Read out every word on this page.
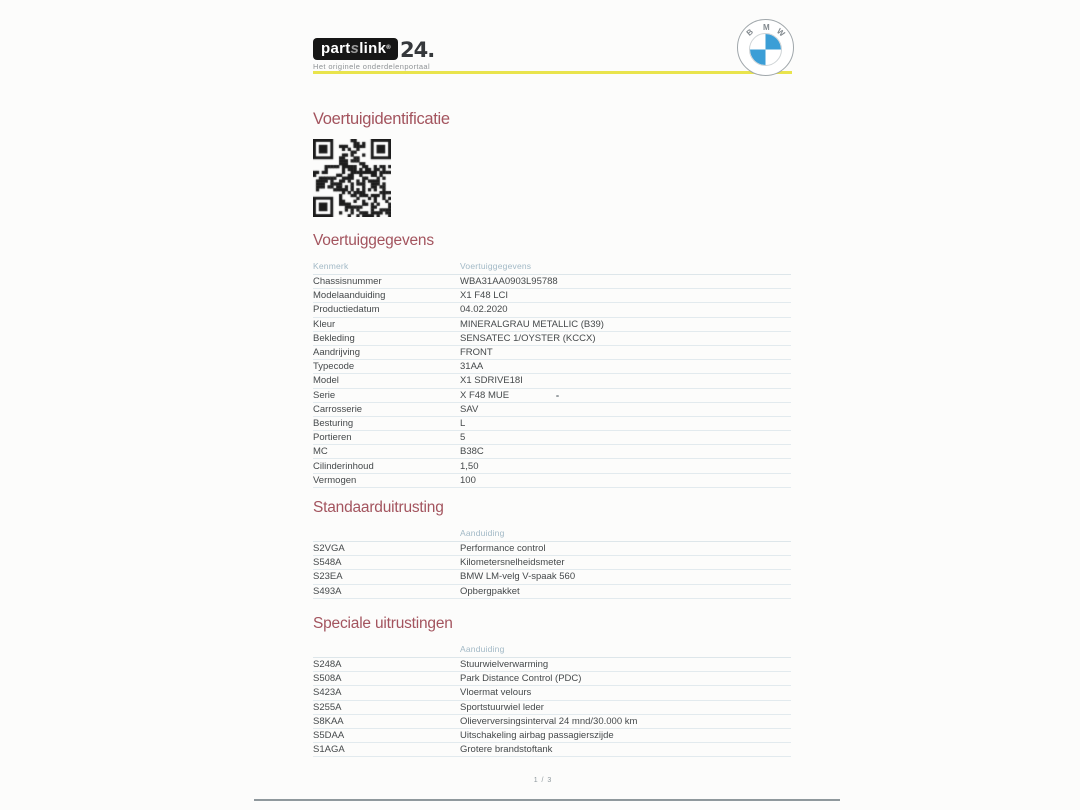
partslink® 24.
Het originele onderdelenportaal
B M W
Voertuigidentificatie
Voertuiggegevens
Kenmerk	Voertuiggegevens
Chassisnummer	WBA31AA0903L95788
Modelaanduiding	X1 F48 LCI
Productiedatum	04.02.2020
Kleur	MINERALGRAU METALLIC (B39)
Bekleding	SENSATEC 1/OYSTER (KCCX)
Aandrijving	FRONT
Typecode	31AA
Model	X1 SDRIVE18I
Serie	X F48 MUE
Carrosserie	SAV
Besturing	L
Portieren	5
MC	B38C
Cilinderinhoud	1,50
Vermogen	100
Standaarduitrusting
Aanduiding
S2VGA	Performance control
S548A	Kilometersnelheidsmeter
S23EA	BMW LM-velg V-spaak 560
S493A	Opbergpakket
Speciale uitrustingen
Aanduiding
S248A	Stuurwielverwarming
S508A	Park Distance Control (PDC)
S423A	Vloermat velours
S255A	Sportstuurwiel leder
S8KAA	Olieverversingsinterval 24 mnd/30.000 km
S5DAA	Uitschakeling airbag passagierszijde
S1AGA	Grotere brandstoftank
1 / 3
